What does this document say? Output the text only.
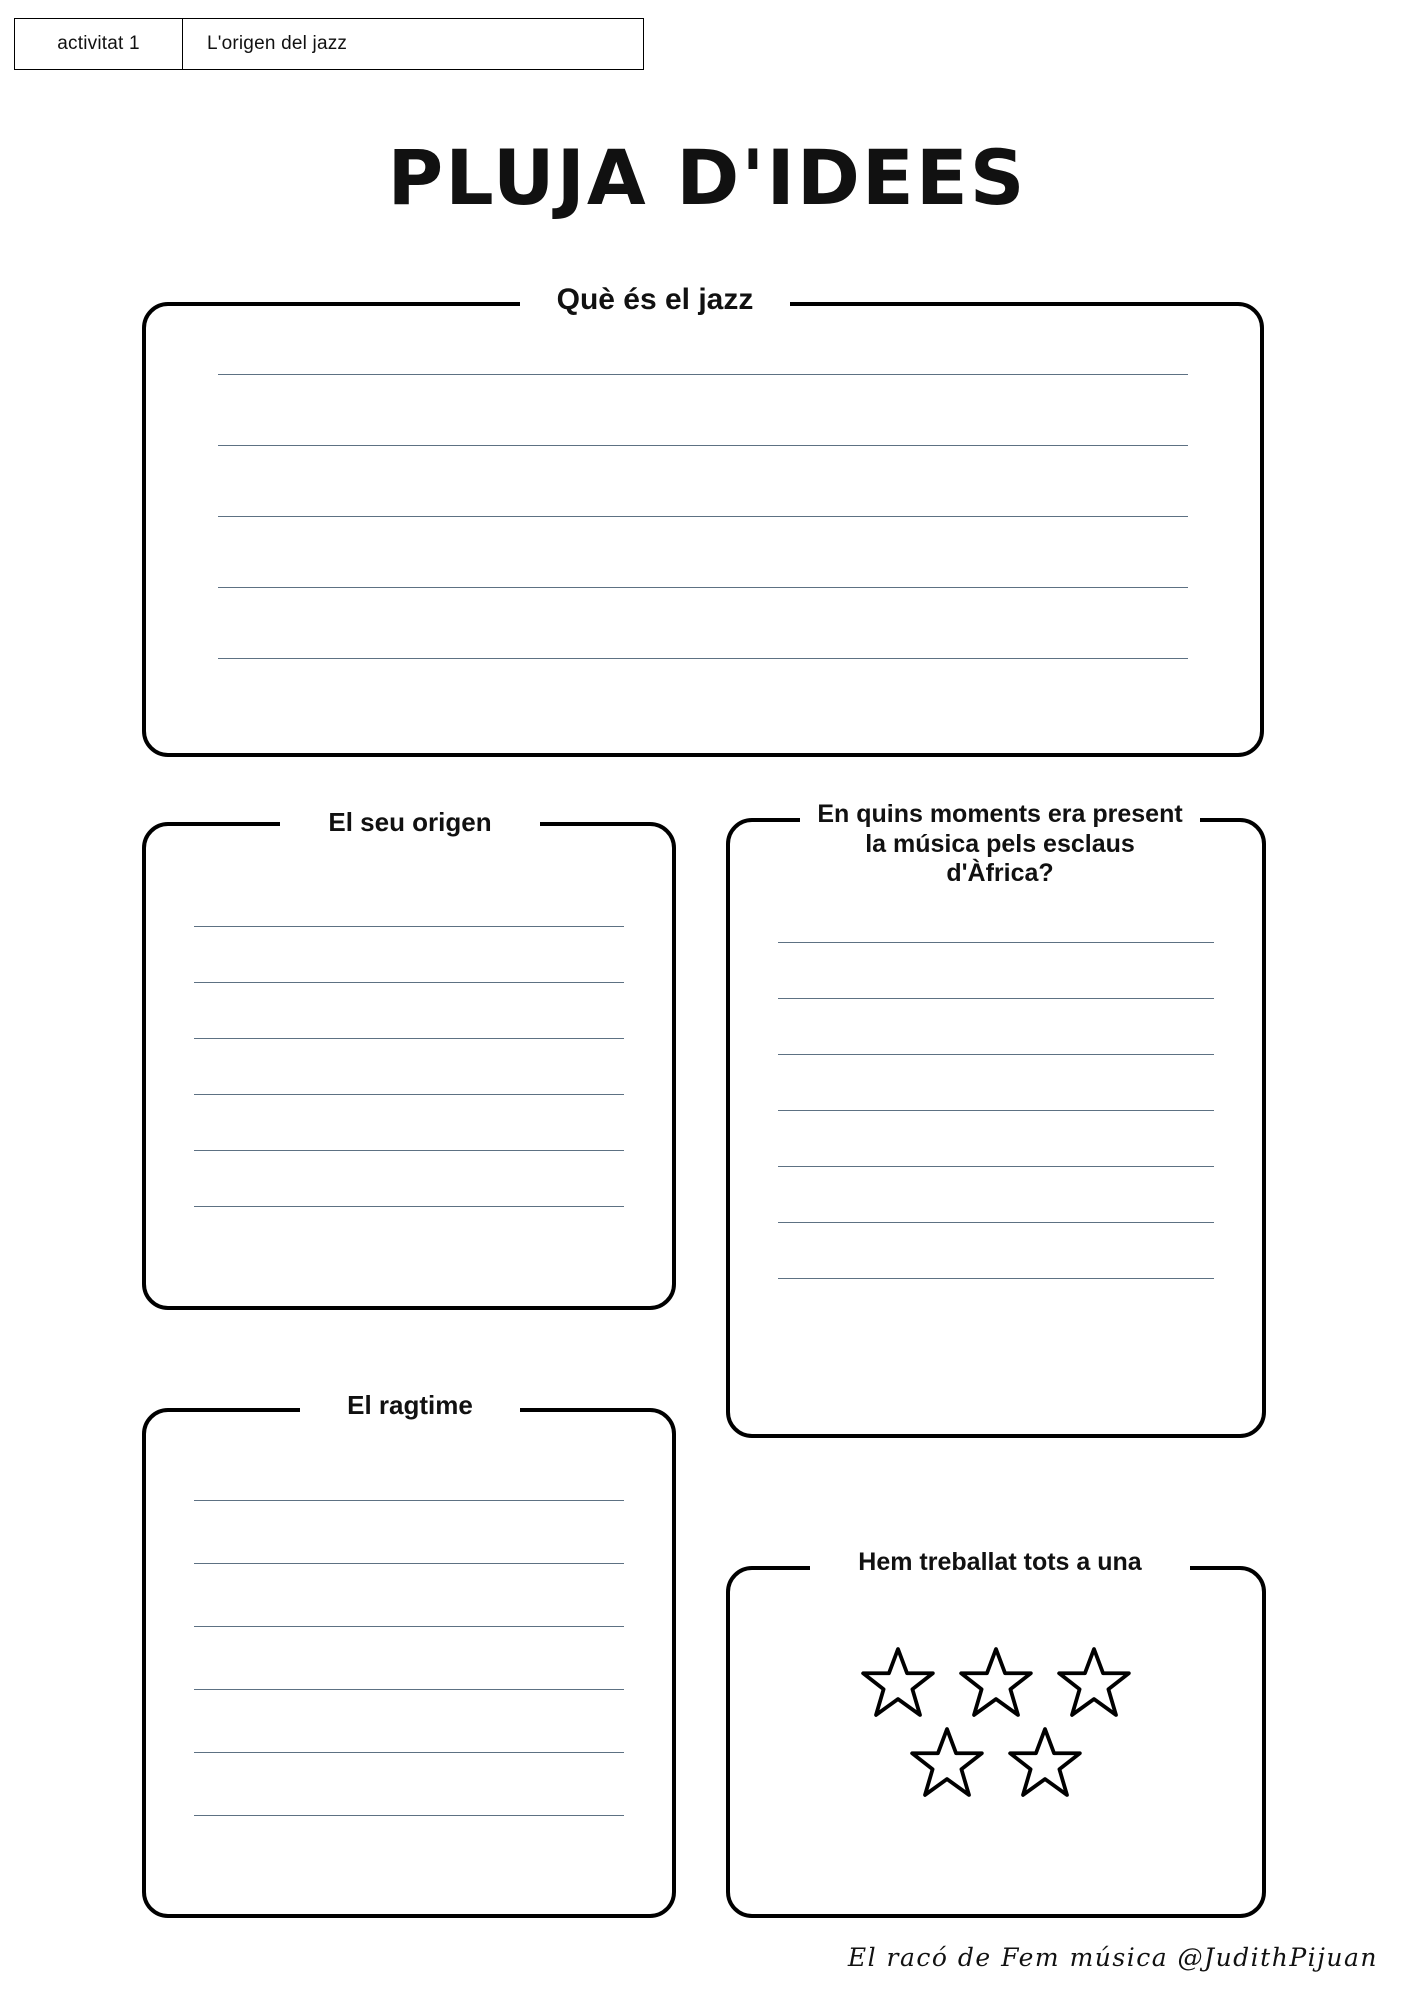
activitat 1	L'origen del jazz
PLUJA D'IDEES
Què és el jazz
El seu origen	En quins moments era present la música pels esclaus d'Àfrica?
El ragtime
Hem treballat tots a una
El racó de Fem música @JudithPijuan
